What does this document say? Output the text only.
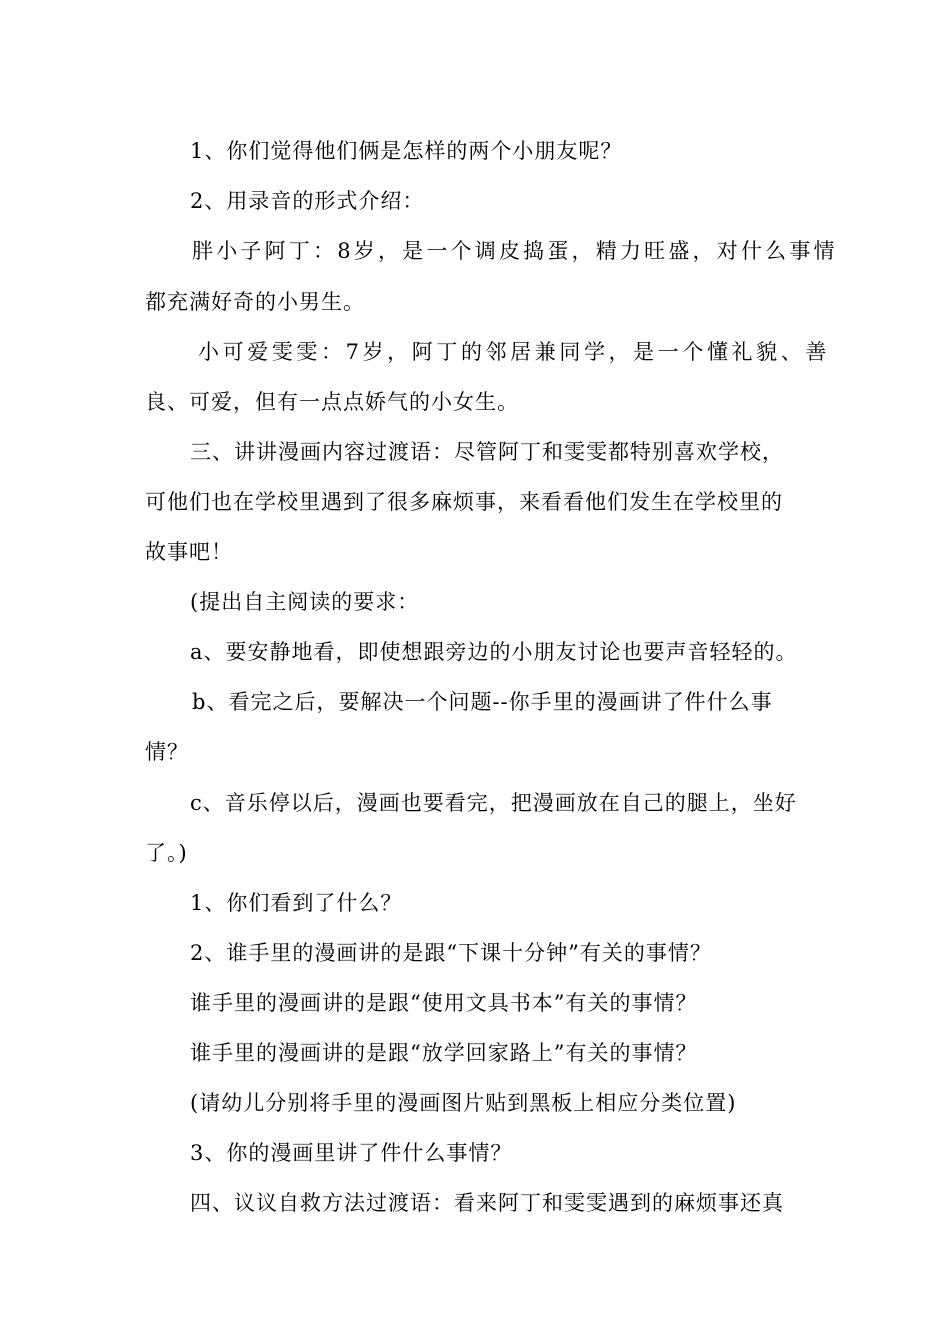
1、你们觉得他们俩是怎样的两个小朋友呢？
2、用录音的形式介绍：
胖小子阿丁：8岁，是一个调皮捣蛋，精力旺盛，对什么事情
都充满好奇的小男生。
小可爱雯雯：7岁，阿丁的邻居兼同学，是一个懂礼貌、善
良、可爱，但有一点点娇气的小女生。
三、讲讲漫画内容过渡语：尽管阿丁和雯雯都特别喜欢学校，
可他们也在学校里遇到了很多麻烦事，来看看他们发生在学校里的
故事吧！
(提出自主阅读的要求：
a、要安静地看，即使想跟旁边的小朋友讨论也要声音轻轻的。
b、看完之后，要解决一个问题--你手里的漫画讲了件什么事
情？
c、音乐停以后，漫画也要看完，把漫画放在自己的腿上，坐好
了。)
1、你们看到了什么？
2、谁手里的漫画讲的是跟“下课十分钟”有关的事情？
谁手里的漫画讲的是跟“使用文具书本”有关的事情？
谁手里的漫画讲的是跟“放学回家路上”有关的事情？
(请幼儿分别将手里的漫画图片贴到黑板上相应分类位置)
3、你的漫画里讲了件什么事情？
四、议议自救方法过渡语：看来阿丁和雯雯遇到的麻烦事还真
